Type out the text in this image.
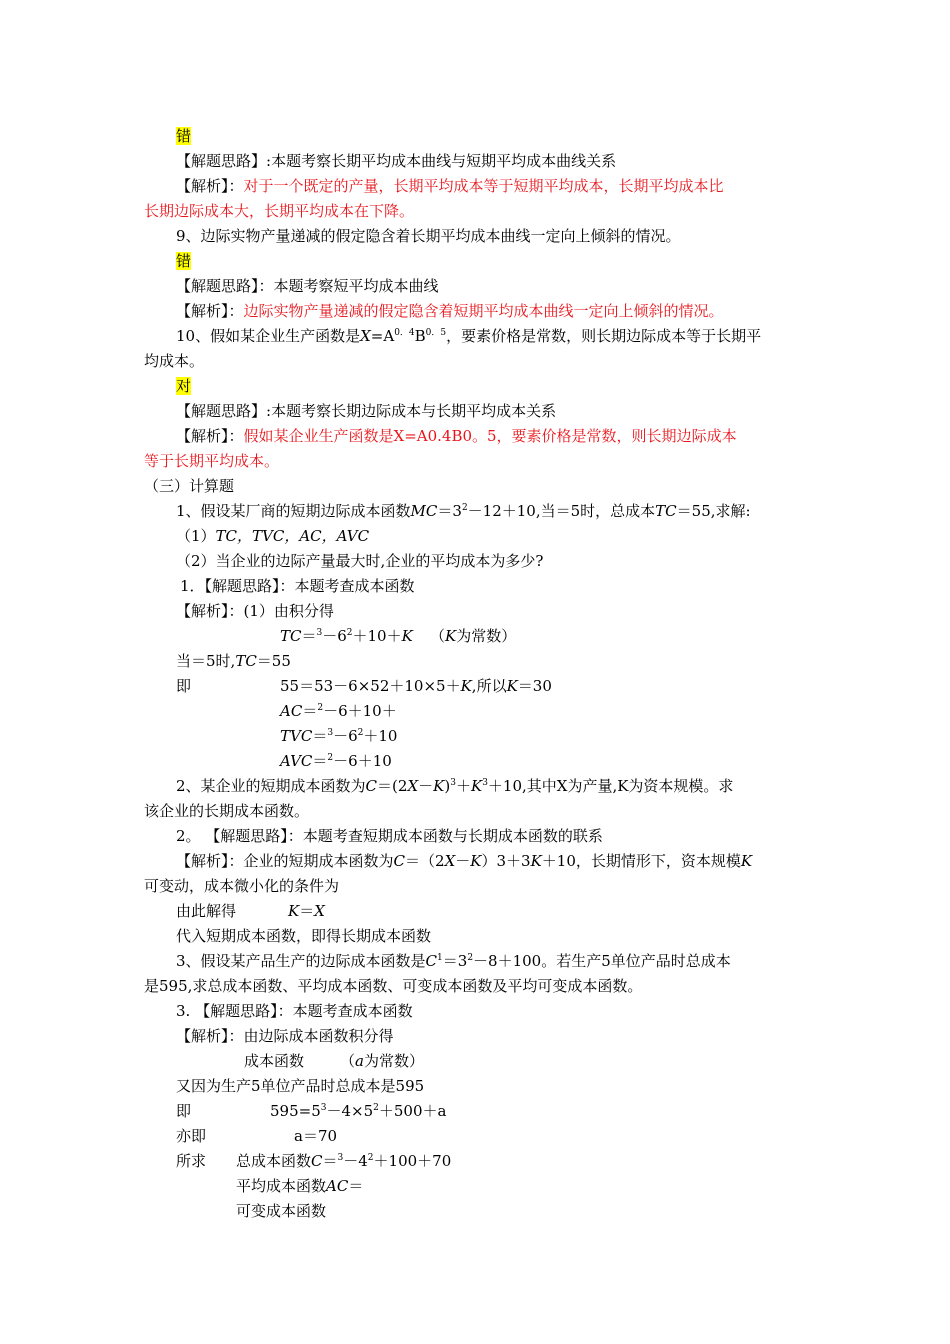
错
【解题思路】:本题考察长期平均成本曲线与短期平均成本曲线关系
【解析】：对于一个既定的产量，长期平均成本等于短期平均成本，长期平均成本比
长期边际成本大，长期平均成本在下降。
9、边际实物产量递减的假定隐含着长期平均成本曲线一定向上倾斜的情况。
错
【解题思路】：本题考察短平均成本曲线
【解析】：边际实物产量递减的假定隐含着短期平均成本曲线一定向上倾斜的情况。
10、假如某企业生产函数是$X=A^{0.4}B^{0.5}$，要素价格是常数，则长期边际成本等于长期平
均成本。
对
【解题思路】:本题考察长期边际成本与长期平均成本关系
【解析】：假如某企业生产函数是X=A0.4B0。5，要素价格是常数，则长期边际成本
等于长期平均成本。
（三）计算题
1、假设某厂商的短期边际成本函数$MC=3^2-12+10$,当＝5时，总成本TC＝55,求解:
（1）TC，TVC，AC，AVC
（2）当企业的边际产量最大时,企业的平均成本为多少?
1．【解题思路】：本题考查成本函数
【解析】：(1）由积分得
$TC=^3-6^2+10+K$ （K为常数）
当＝5时,TC＝55
即	55＝53－6×52＋10×5＋K,所以K＝30
AC＝$^2$－6＋10＋
$TVC=^3-6^2+10$
AVC＝$^2$－6＋10
2、某企业的短期成本函数为$C=(2X-K)^3+K^3+10$,其中X为产量,K为资本规模。求
该企业的长期成本函数。
2。 【解题思路】：本题考查短期成本函数与长期成本函数的联系
【解析】：企业的短期成本函数为C＝（2X－K）3＋3K＋10，长期情形下，资本规模K
可变动，成本微小化的条件为
由此解得	K＝X
代入短期成本函数，即得长期成本函数
3、假设某产品生产的边际成本函数是$C^1=3^2-8+100$。若生产5单位产品时总成本
是595,求总成本函数、平均成本函数、可变成本函数及平均可变成本函数。
3. 【解题思路】：本题考查成本函数
【解析】：由边际成本函数积分得
成本函数 （a为常数）
又因为生产5单位产品时总成本是595
即	$595=5^3-4\times 5^2+500+a$
亦即	a＝70
所求 总成本函数$C=^3-4^2+100+70$
平均成本函数AC＝
可变成本函数
